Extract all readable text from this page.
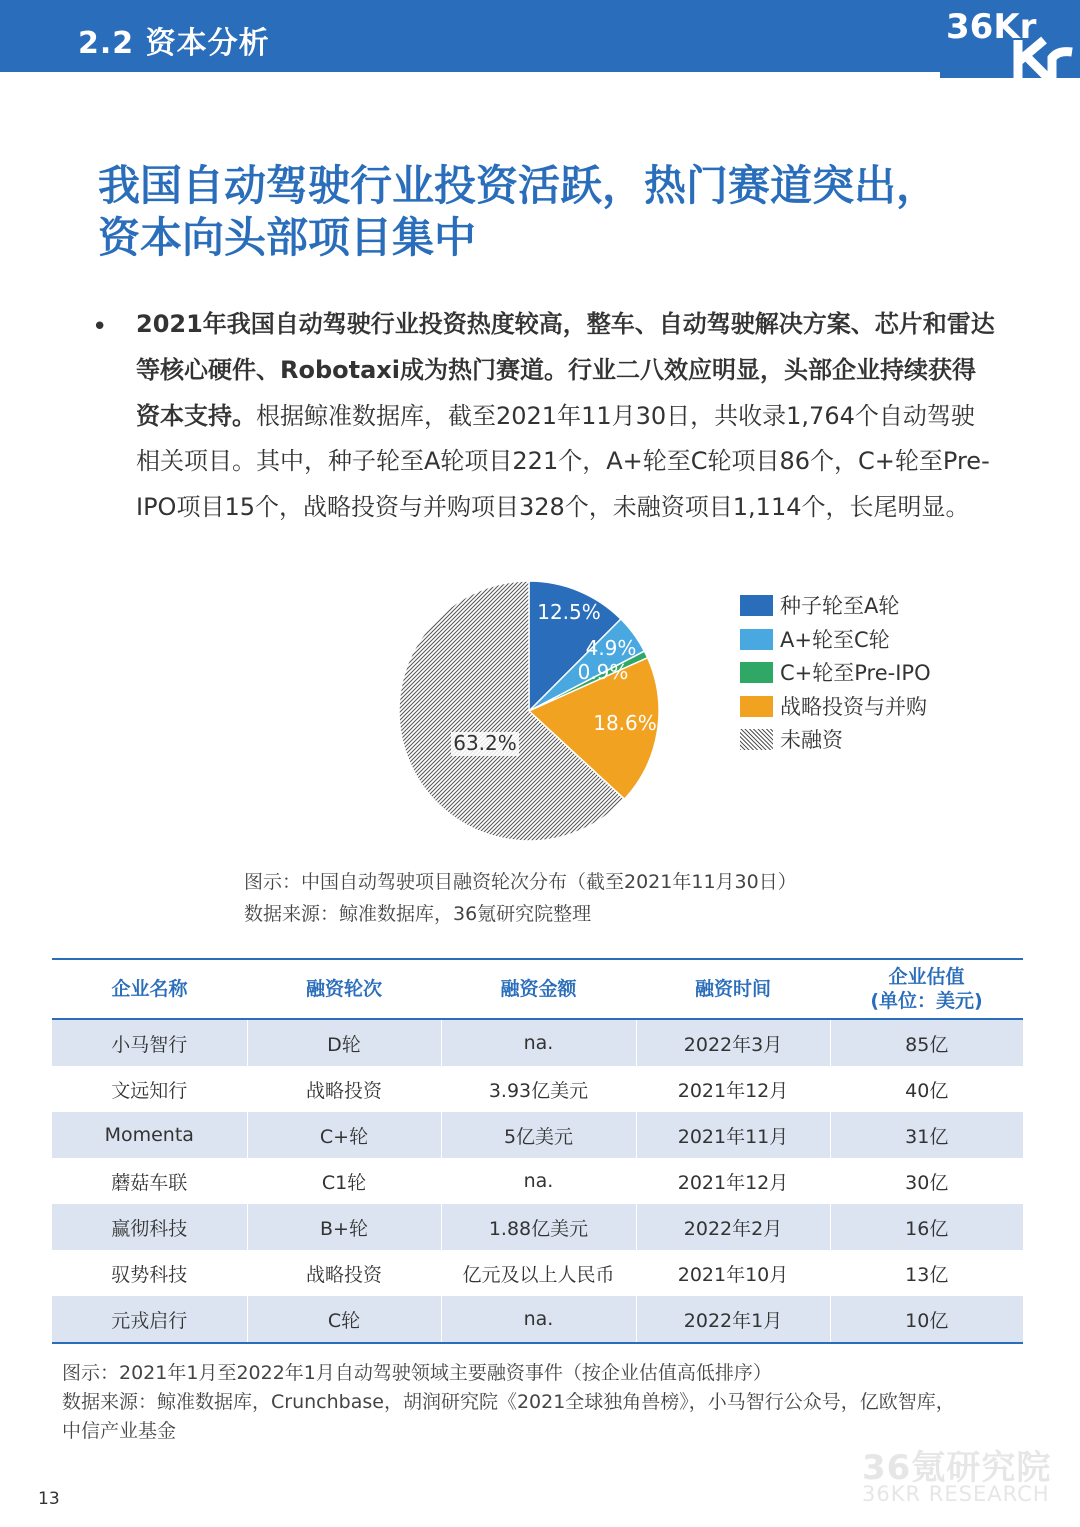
2.2 资本分析	36Kr
我国自动驾驶行业投资活跃，热门赛道突出，
资本向头部项目集中
• 2021年我国自动驾驶行业投资热度较高，整车、自动驾驶解决方案、芯片和雷达等核心硬件、Robotaxi成为热门赛道。行业二八效应明显，头部企业持续获得资本支持。根据鲸准数据库，截至2021年11月30日，共收录1,764个自动驾驶相关项目。其中，种子轮至A轮项目221个，A+轮至C轮项目86个，C+轮至Pre-IPO项目15个，战略投资与并购项目328个，未融资项目1,114个，长尾明显。
12.5%
4.9%
0.9%
18.6%
63.2%
种子轮至A轮
A+轮至C轮
C+轮至Pre-IPO
战略投资与并购
未融资
图示：中国自动驾驶项目融资轮次分布（截至2021年11月30日）
数据来源：鲸准数据库，36氪研究院整理
企业名称	融资轮次	融资金额	融资时间	企业估值
(单位：美元)

小马智行	D轮	na.	2022年3月	85亿
文远知行	战略投资	3.93亿美元	2021年12月	40亿
Momenta	C+轮	5亿美元	2021年11月	31亿
蘑菇车联	C1轮	na.	2021年12月	30亿
赢彻科技	B+轮	1.88亿美元	2022年2月	16亿
驭势科技	战略投资	亿元及以上人民币	2021年10月	13亿
元戎启行	C轮	na.	2022年1月	10亿
图示：2021年1月至2022年1月自动驾驶领域主要融资事件（按企业估值高低排序）
数据来源：鲸准数据库，Crunchbase，胡润研究院《2021全球独角兽榜》，小马智行公众号，亿欧智库，
中信产业基金
36氪研究院
36KR RESEARCH
13
